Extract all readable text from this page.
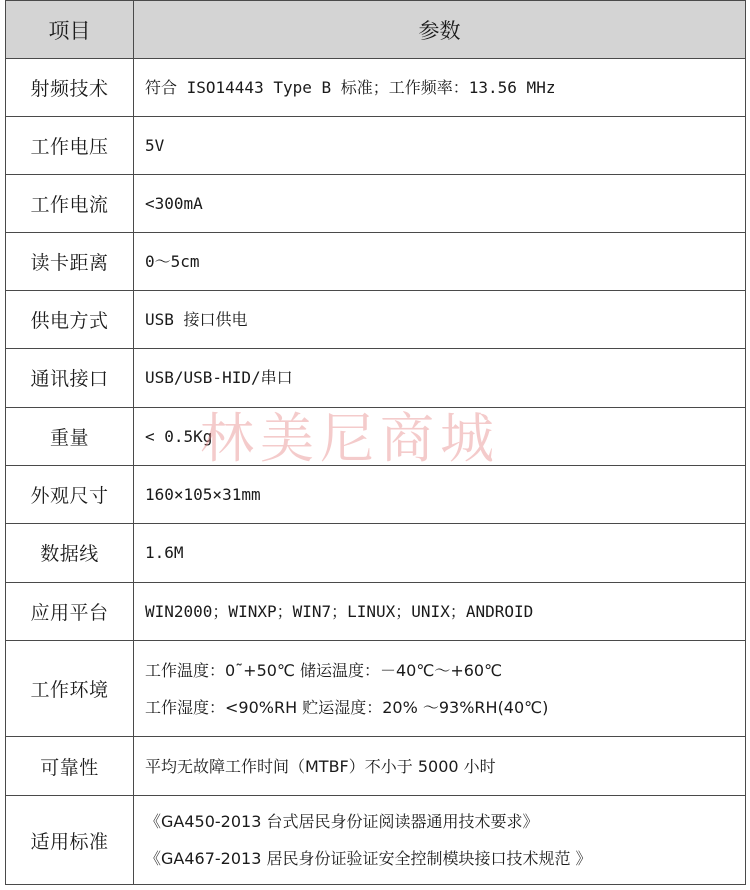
项目	参数
射频技术	符合 ISO14443 Type B 标准；工作频率：13.56 MHz

工作电压	5V

工作电流	<300mA

读卡距离	0～5cm

供电方式	USB 接口供电

通讯接口	USB/USB-HID/串口

重量	< 0.5Kg

外观尺寸	160×105×31mm

数据线	1.6M

应用平台	WIN2000；WINXP；WIN7；LINUX；UNIX；ANDROID

工作环境	工作温度：0˜+50℃ 储运温度：－40℃～+60℃
工作湿度：<90%RH 贮运湿度：20% ～93%RH(40℃)

可靠性	平均无故障工作时间（MTBF）不小于 5000 小时

适用标准	《GA450-2013 台式居民身份证阅读器通用技术要求》
《GA467-2013 居民身份证验证安全控制模块接口技术规范 》
林美尼商城
